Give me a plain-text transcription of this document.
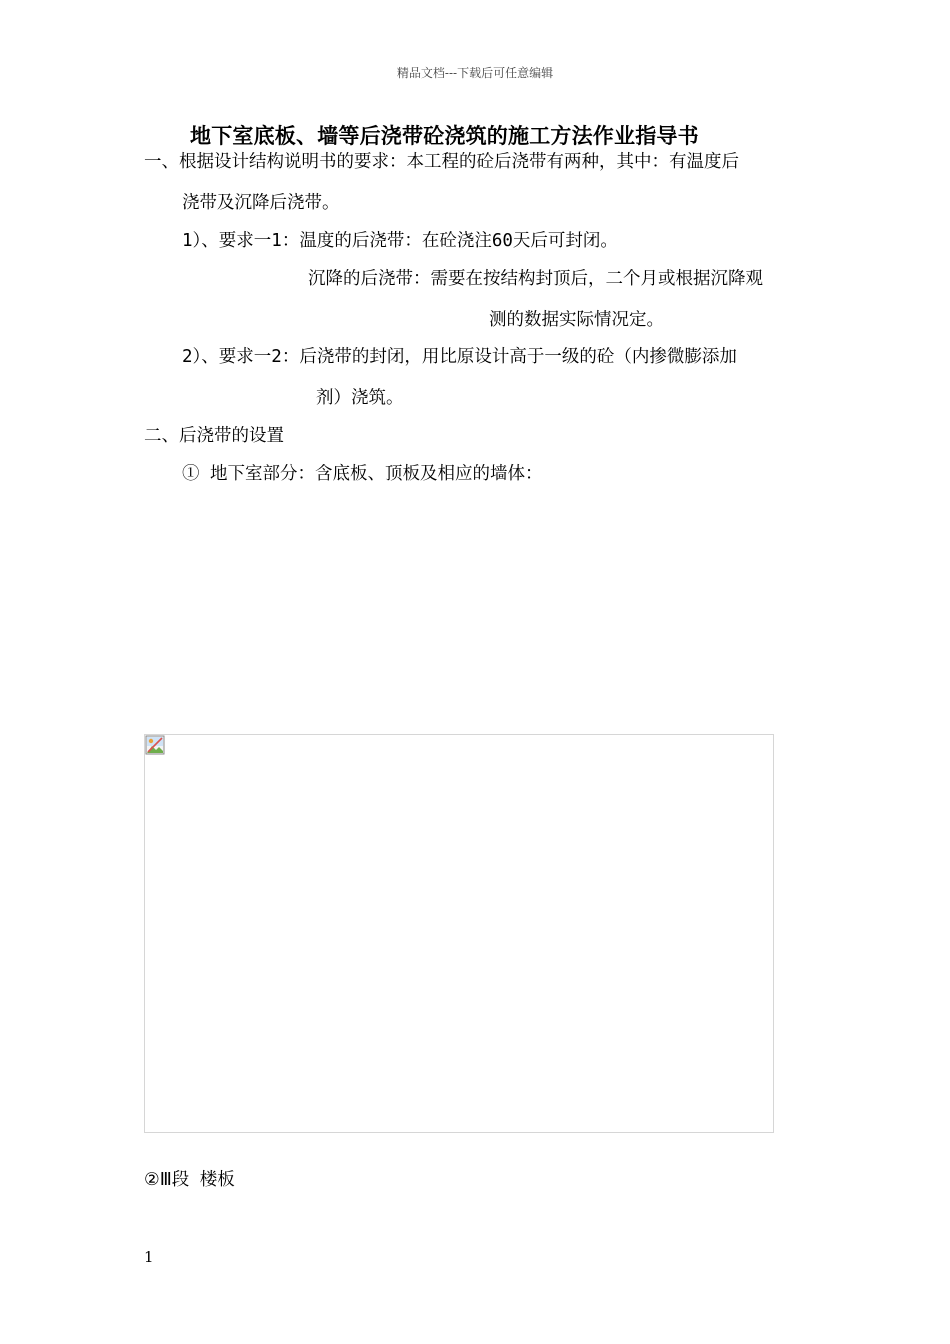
精品文档---下载后可任意编辑
地下室底板、墙等后浇带砼浇筑的施工方法作业指导书
一、根据设计结构说明书的要求：本工程的砼后浇带有两种，其中：有温度后
浇带及沉降后浇带。
1）、要求一1：温度的后浇带：在砼浇注60天后可封闭。
沉降的后浇带：需要在按结构封顶后，二个月或根据沉降观
测的数据实际情况定。
2）、要求一2：后浇带的封闭，用比原设计高于一级的砼（内掺微膨添加
剂）浇筑。
二、后浇带的设置
① 地下室部分：含底板、顶板及相应的墙体：
②Ⅲ段 楼板
1
